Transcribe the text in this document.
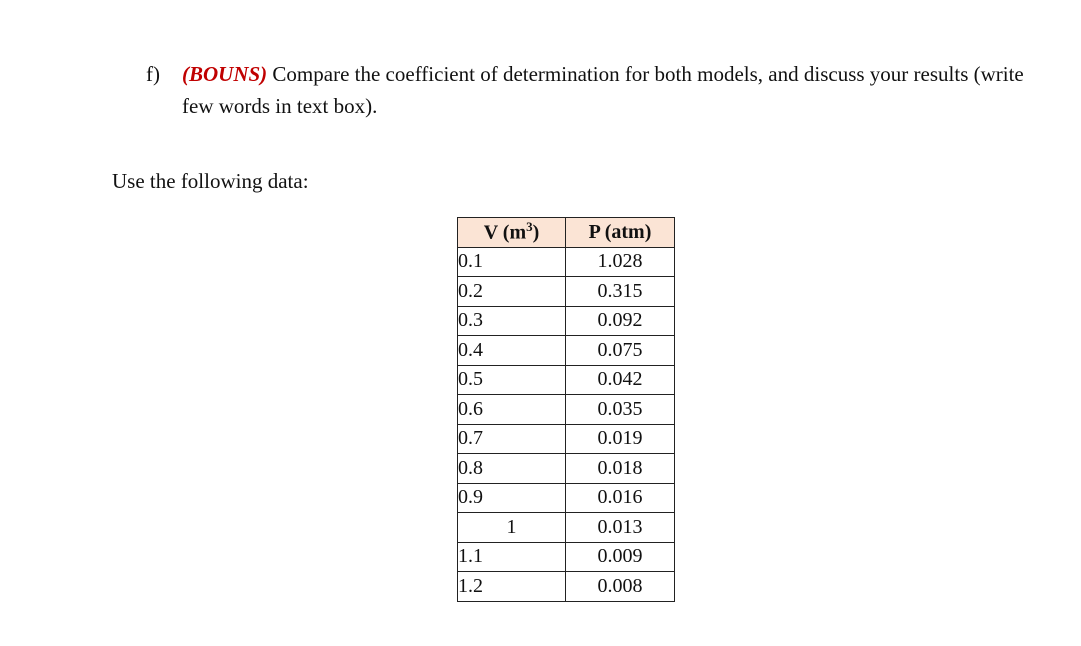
f) (BOUNS) Compare the coefficient of determination for both models, and discuss your results (write few words in text box).
Use the following data:
V $(m^3)$	P (atm)
0.1	1.028
0.2	0.315
0.3	0.092
0.4	0.075
0.5	0.042
0.6	0.035
0.7	0.019
0.8	0.018
0.9	0.016
1	0.013
1.1	0.009
1.2	0.008
